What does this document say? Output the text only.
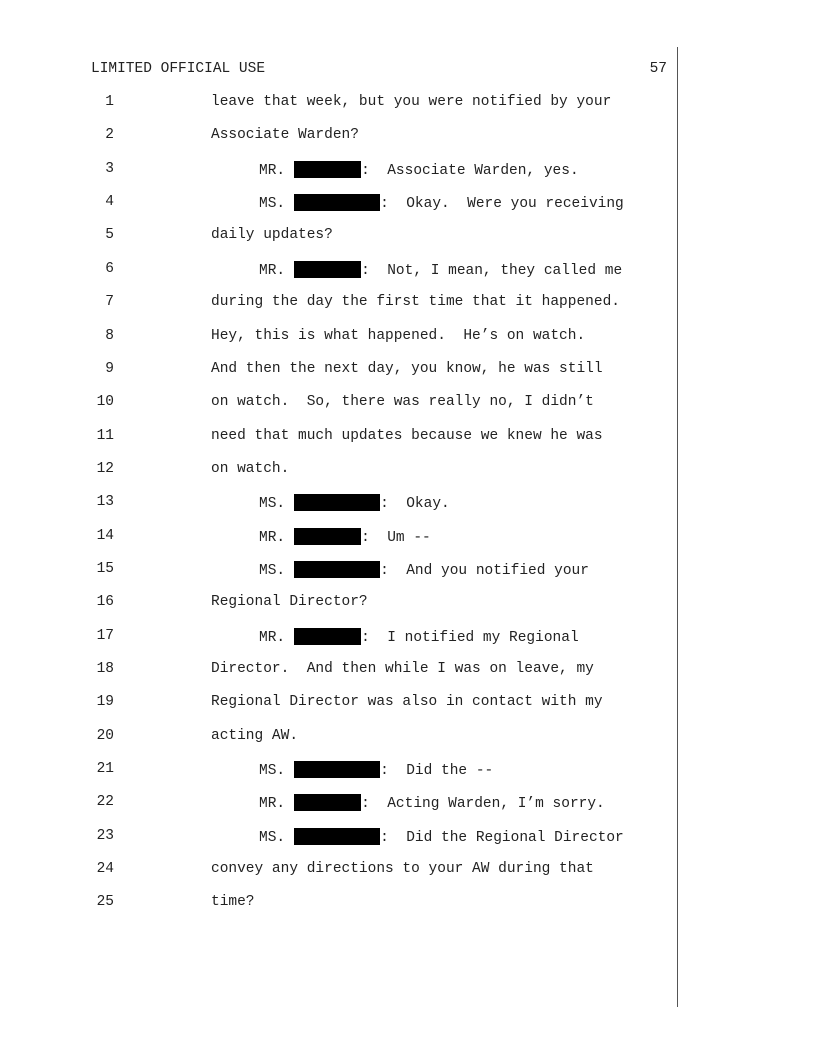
LIMITED OFFICIAL USE	57
1	leave that week, but you were notified by your
2	Associate Warden?
3	MR.	:  Associate Warden, yes.
4	MS.	:  Okay.  Were you receiving
5	daily updates?
6	MR.	:  Not, I mean, they called me
7	during the day the first time that it happened.
8	Hey, this is what happened.  He’s on watch.
9	And then the next day, you know, he was still
10	on watch.  So, there was really no, I didn’t
11	need that much updates because we knew he was
12	on watch.
13	MS.	:  Okay.
14	MR.	:  Um --
15	MS.	:  And you notified your
16	Regional Director?
17	MR.	:  I notified my Regional
18	Director.  And then while I was on leave, my
19	Regional Director was also in contact with my
20	acting AW.
21	MS.	:  Did the --
22	MR.	:  Acting Warden, I’m sorry.
23	MS.	:  Did the Regional Director
24	convey any directions to your AW during that
25	time?
